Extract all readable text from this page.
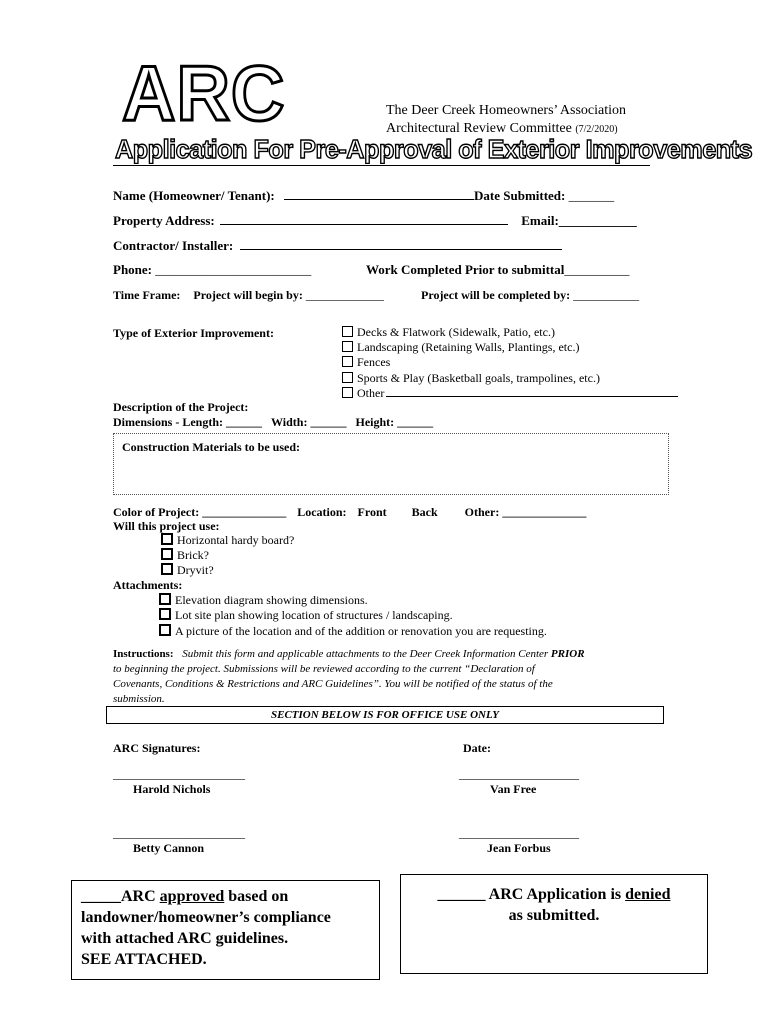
ARC	The Deer Creek Homeowners’ Association
Architectural Review Committee (7/2/2020)
Application For Pre-Approval of Exterior Improvements
Name (Homeowner/ Tenant):	Date Submitted: _______
Property Address:	Email:____________
Contractor/ Installer:
Phone: ________________________	Work Completed Prior to submittal__________
Time Frame: Project will begin by: _____________	Project will be completed by: ___________
Type of Exterior Improvement:	Decks & Flatwork (Sidewalk, Patio, etc.)
Landscaping (Retaining Walls, Plantings, etc.)
Fences
Sports & Play (Basketball goals, trampolines, etc.)
Other
Description of the Project:
Dimensions - Length: ______ Width: ______ Height: ______
Construction Materials to be used:
Color of Project: ______________ Location: Front Back Other: ______________
Will this project use:
Horizontal hardy board?
Brick?
Dryvit?
Attachments:
Elevation diagram showing dimensions.
Lot site plan showing location of structures / landscaping.
A picture of the location and of the addition or renovation you are requesting.
Instructions: Submit this form and applicable attachments to the Deer Creek Information Center PRIOR
to beginning the project. Submissions will be reviewed according to the current “Declaration of
Covenants, Conditions & Restrictions and ARC Guidelines”. You will be notified of the status of the
submission.
SECTION BELOW IS FOR OFFICE USE ONLY
ARC Signatures:	Date:
______________________	____________________
Harold Nichols	Van Free
______________________	____________________
Betty Cannon	Jean Forbus
_____ARC approved based on
landowner/homeowner’s compliance
with attached ARC guidelines.
SEE ATTACHED.
______ ARC Application is denied
as submitted.
